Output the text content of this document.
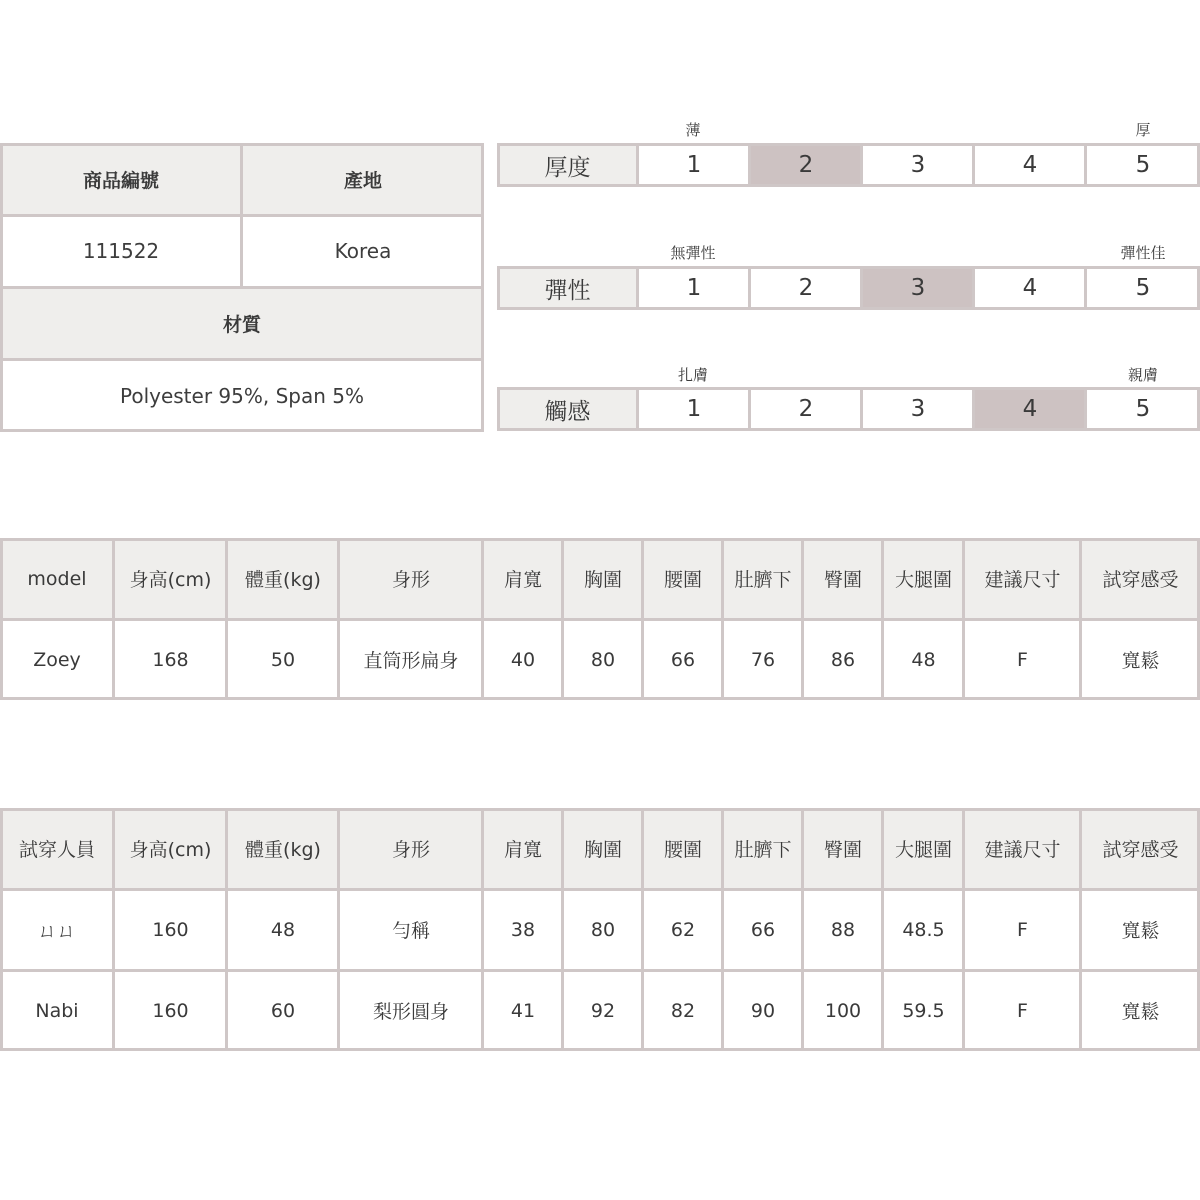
商品編號	產地
111522	Korea
材質
Polyester 95%, Span 5%
薄	厚
厚度	1	2	3	4	5
無彈性	彈性佳
彈性	1	2	3	4	5
扎膚	親膚
觸感	1	2	3	4	5
model	身高(cm)	體重(kg)	身形	肩寬	胸圍	腰圍	肚臍下	臀圍	大腿圍	建議尺寸	試穿感受
Zoey	168	50	直筒形扁身	40	80	66	76	86	48	F	寬鬆
試穿人員	身高(cm)	體重(kg)	身形	肩寬	胸圍	腰圍	肚臍下	臀圍	大腿圍	建議尺寸	試穿感受
ㄩㄩ	160	48	勻稱	38	80	62	66	88	48.5	F	寬鬆
Nabi	160	60	梨形圓身	41	92	82	90	100	59.5	F	寬鬆
